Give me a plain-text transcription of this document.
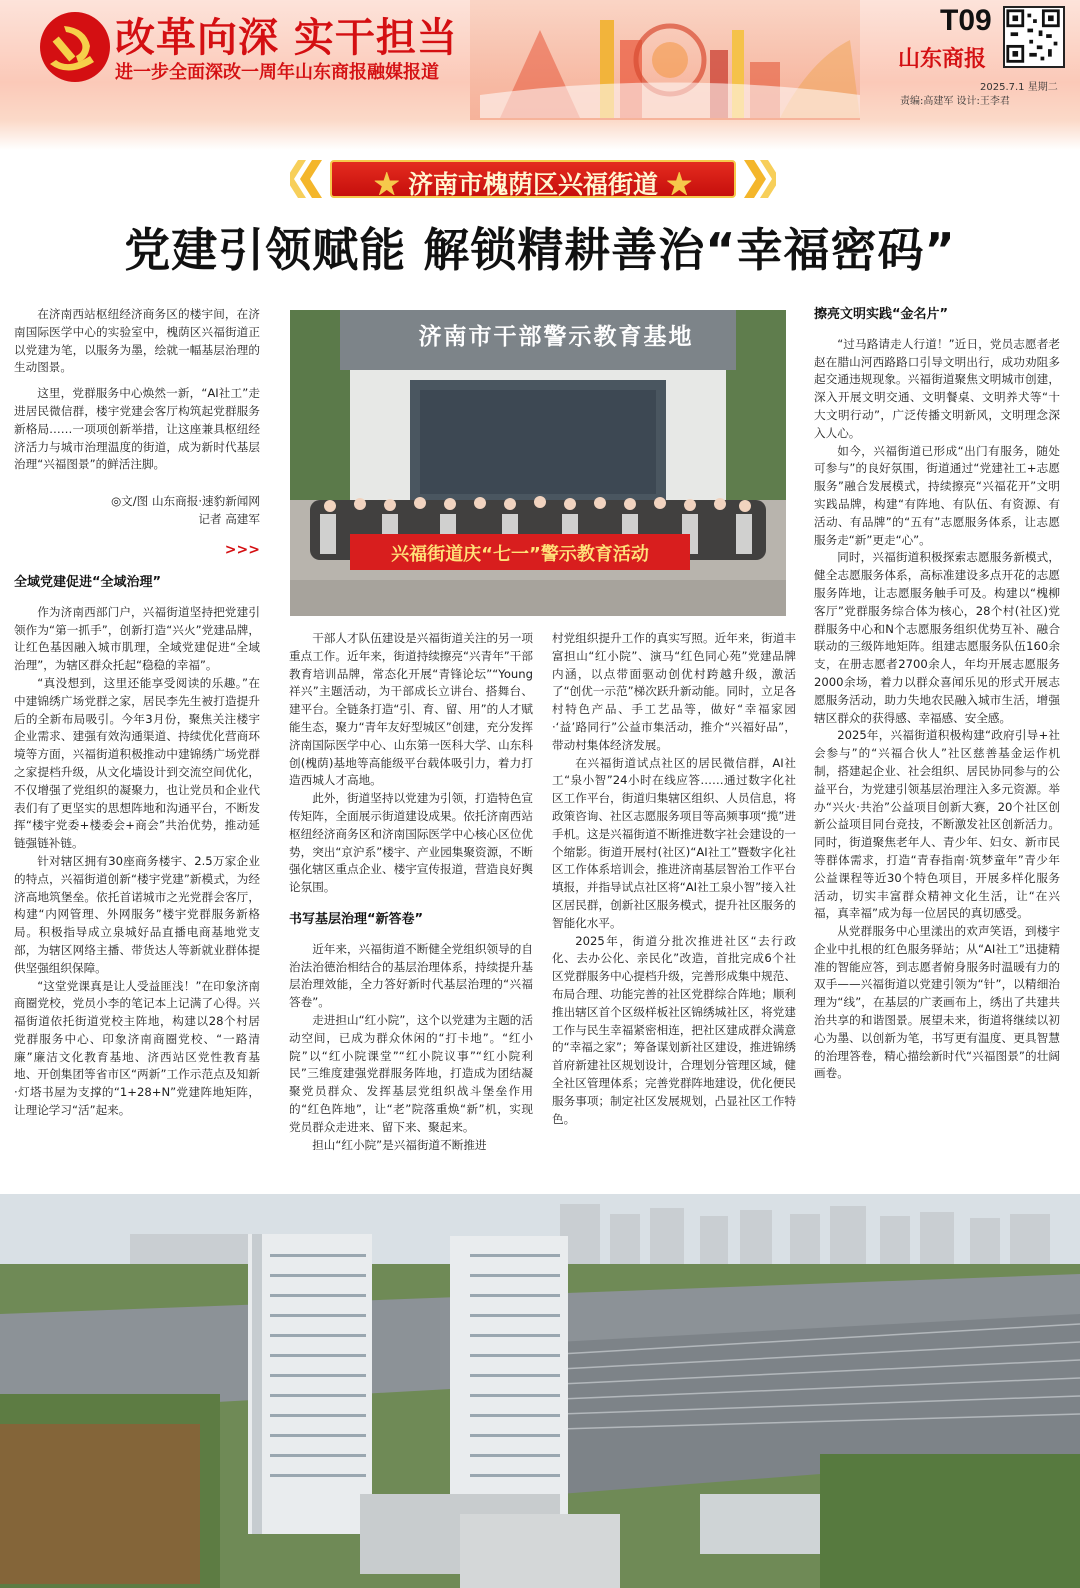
改革向深 实干担当
进一步全面深改一周年山东商报融媒报道
T09
山东商报
2025.7.1 星期二
责编:高建军 设计:王李君
★ 济南市槐荫区兴福街道 ★
党建引领赋能 解锁精耕善治“幸福密码”

在济南西站枢纽经济商务区的楼宇间，在济南国际医学中心的实验室中，槐荫区兴福街道正以党建为笔，以服务为墨，绘就一幅基层治理的生动图景。

这里，党群服务中心焕然一新，“AI社工”走进居民微信群，楼宇党建会客厅构筑起党群服务新格局……一项项创新举措，让这座兼具枢纽经济活力与城市治理温度的街道，成为新时代基层治理“兴福图景”的鲜活注脚。

◎文/图 山东商报·速豹新闻网
记者 高建军
>>>
全域党建促进“全域治理”

作为济南西部门户，兴福街道坚持把党建引领作为“第一抓手”，创新打造“兴火”党建品牌，让红色基因融入城市肌理，全域党建促进“全域治理”，为辖区群众托起“稳稳的幸福”。

“真没想到，这里还能享受阅读的乐趣。”在中建锦绣广场党群之家，居民李先生被打造提升后的全新布局吸引。今年3月份，聚焦关注楼宇企业需求、建强有效沟通渠道、持续优化营商环境等方面，兴福街道积极推动中建锦绣广场党群之家提档升级，从文化墙设计到交流空间优化，不仅增强了党组织的凝聚力，也让党员和企业代表们有了更坚实的思想阵地和沟通平台，不断发挥“楼宇党委+楼委会+商会”共治优势，推动延链强链补链。

针对辖区拥有30座商务楼宇、2.5万家企业的特点，兴福街道创新“楼宇党建”新模式，为经济高地筑堡垒。依托首诺城市之光党群会客厅，构建“内网管理、外网服务”楼宇党群服务新格局。积极指导成立泉城好品直播电商基地党支部，为辖区网络主播、带货达人等新就业群体提供坚强组织保障。

“这堂党课真是让人受益匪浅！”在印象济南商圈党校，党员小李的笔记本上记满了心得。兴福街道依托街道党校主阵地，构建以28个村居党群服务中心、印象济南商圈党校、“一路清廉”廉洁文化教育基地、济西站区党性教育基地、开创集团等省市区“两新”工作示范点及知新·灯塔书屋为支撑的“1+28+N”党建阵地矩阵，让理论学习“活”起来。

济南市干部警示教育基地
兴福街道庆“七一”警示教育活动

干部人才队伍建设是兴福街道关注的另一项重点工作。近年来，街道持续擦亮“兴青年”干部教育培训品牌，常态化开展“青锋论坛”“Young 祥兴”主题活动，为干部成长立讲台、搭舞台、建平台。全链条打造“引、育、留、用”的人才赋能生态，聚力“青年友好型城区”创建，充分发挥济南国际医学中心、山东第一医科大学、山东科创(槐荫)基地等高能级平台载体吸引力，着力打造西城人才高地。

此外，街道坚持以党建为引领，打造特色宣传矩阵，全面展示街道建设成果。依托济南西站枢纽经济商务区和济南国际医学中心核心区位优势，突出“京沪系”楼宇、产业园集聚资源，不断强化辖区重点企业、楼宇宣传报道，营造良好舆论氛围。

书写基层治理“新答卷”

近年来，兴福街道不断健全党组织领导的自治法治德治相结合的基层治理体系，持续提升基层治理效能，全力答好新时代基层治理的“兴福答卷”。

走进担山“红小院”，这个以党建为主题的活动空间，已成为群众休闲的“打卡地”。“红小院”以“红小院课堂”“红小院议事”“红小院利民”三维度建强党群服务阵地，打造成为团结凝聚党员群众、发挥基层党组织战斗堡垒作用的“红色阵地”，让“老”院落重焕“新”机，实现党员群众走进来、留下来、聚起来。

担山“红小院”是兴福街道不断推进

村党组织提升工作的真实写照。近年来，街道丰富担山“红小院”、演马“红色同心苑”党建品牌内涵，以点带面驱动创优村跨越升级，激活了“创优一示范”梯次跃升新动能。同时，立足各村特色产品、手工艺品等，做好“幸福家园·‘益’路同行”公益市集活动，推介“兴福好品”，带动村集体经济发展。

在兴福街道试点社区的居民微信群，AI社工“泉小智”24小时在线应答……通过数字化社区工作平台，街道归集辖区组织、人员信息，将政策咨询、社区志愿服务项目等高频事项“揽”进手机。这是兴福街道不断推进数字社会建设的一个缩影。街道开展村(社区)“AI社工”暨数字化社区工作体系培训会，推进济南基层智治工作平台填报，并指导试点社区将“AI社工泉小智”接入社区居民群，创新社区服务模式，提升社区服务的智能化水平。

2025年，街道分批次推进社区“去行政化、去办公化、亲民化”改造，首批完成6个社区党群服务中心提档升级，完善形成集中规范、布局合理、功能完善的社区党群综合阵地；顺利推出辖区首个区级样板社区锦绣城社区，将党建工作与民生幸福紧密相连，把社区建成群众满意的“幸福之家”；筹备谋划新社区建设，推进锦绣首府新建社区规划设计，合理划分管理区域，健全社区管理体系；完善党群阵地建设，优化便民服务事项；制定社区发展规划，凸显社区工作特色。

擦亮文明实践“金名片”

“过马路请走人行道！”近日，党员志愿者老赵在腊山河西路路口引导文明出行，成功劝阻多起交通违规现象。兴福街道聚焦文明城市创建，深入开展文明交通、文明餐桌、文明养犬等“十大文明行动”，广泛传播文明新风，文明理念深入人心。

如今，兴福街道已形成“出门有服务，随处可参与”的良好氛围，街道通过“党建社工+志愿服务”融合发展模式，持续擦亮“兴福花开”文明实践品牌，构建“有阵地、有队伍、有资源、有活动、有品牌”的“五有”志愿服务体系，让志愿服务走“新”更走“心”。

同时，兴福街道积极探索志愿服务新模式，健全志愿服务体系，高标准建设多点开花的志愿服务阵地，让志愿服务触手可及。构建以“槐柳客厅”党群服务综合体为核心，28个村(社区)党群服务中心和N个志愿服务组织优势互补、融合联动的三级阵地矩阵。组建志愿服务队伍160余支，在册志愿者2700余人，年均开展志愿服务2000余场，着力以群众喜闻乐见的形式开展志愿服务活动，助力失地农民融入城市生活，增强辖区群众的获得感、幸福感、安全感。

2025年，兴福街道积极构建“政府引导+社会参与”的“兴福合伙人”社区慈善基金运作机制，搭建起企业、社会组织、居民协同参与的公益平台，为党建引领基层治理注入多元资源。举办“兴火·共治”公益项目创新大赛，20个社区创新公益项目同台竞技，不断激发社区创新活力。同时，街道聚焦老年人、青少年、妇女、新市民等群体需求，打造“青春指南·筑梦童年”青少年公益课程等近30个特色项目，开展多样化服务活动，切实丰富群众精神文化生活，让“在兴福，真幸福”成为每一位居民的真切感受。

从党群服务中心里漾出的欢声笑语，到楼宇企业中扎根的红色服务驿站；从“AI社工”迅捷精准的智能应答，到志愿者俯身服务时温暖有力的双手——兴福街道以党建引领为“针”，以精细治理为“线”，在基层的广袤画布上，绣出了共建共治共享的和谐图景。展望未来，街道将继续以初心为墨、以创新为笔，书写更有温度、更具智慧的治理答卷，精心描绘新时代“兴福图景”的壮阔画卷。
